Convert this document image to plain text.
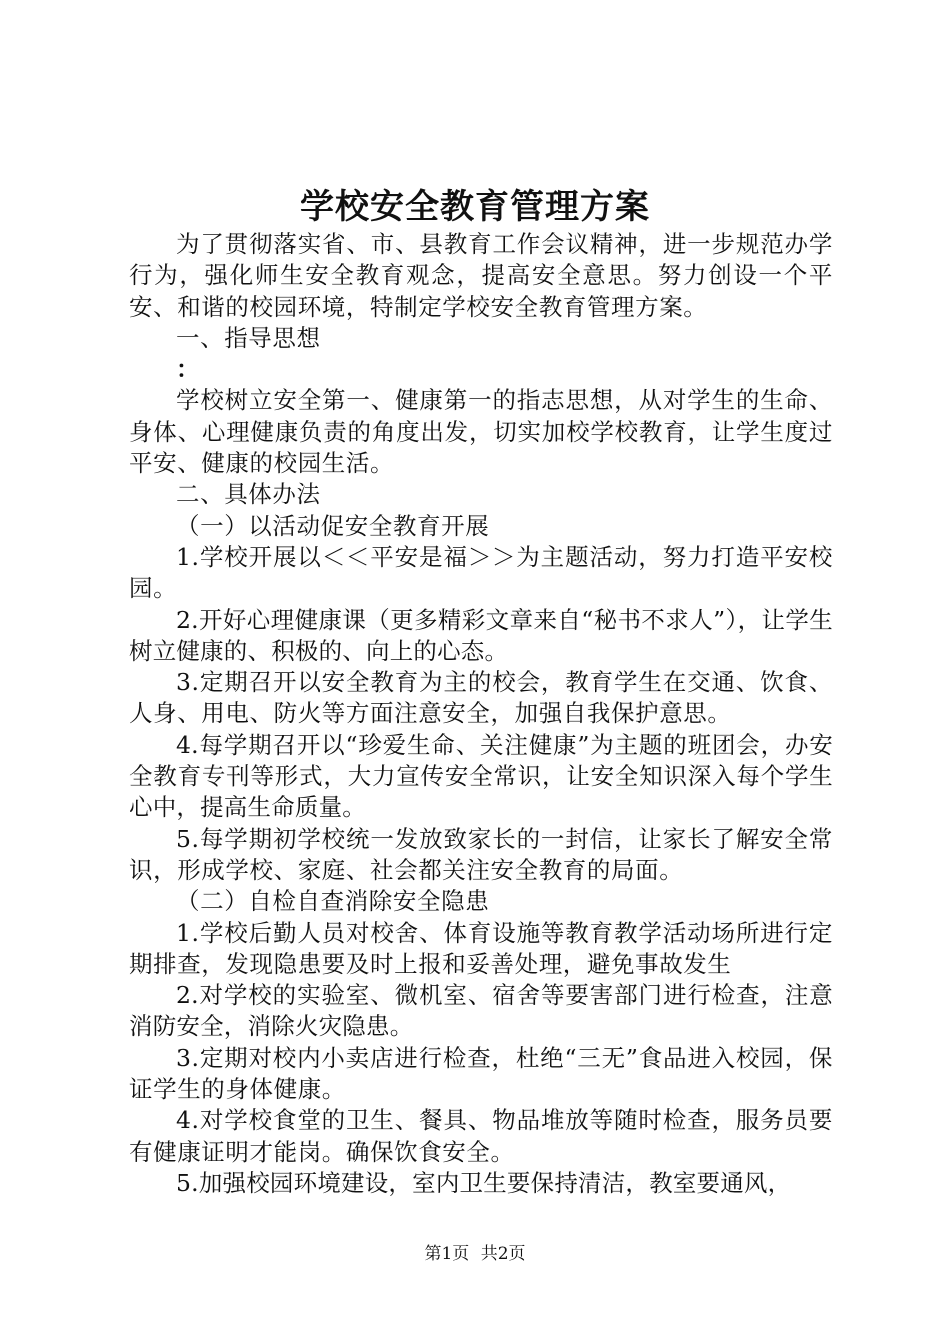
学校安全教育管理方案

为了贯彻落实省、市、县教育工作会议精神，进一步规范办学行为，强化师生安全教育观念，提高安全意思。努力创设一个平安、和谐的校园环境，特制定学校安全教育管理方案。

一、指导思想

：

学校树立安全第一、健康第一的指志思想，从对学生的生命、身体、心理健康负责的角度出发，切实加校学校教育，让学生度过平安、健康的校园生活。

二、具体办法

（一）以活动促安全教育开展

1.学校开展以＜＜平安是福＞＞为主题活动，努力打造平安校园。

2.开好心理健康课（更多精彩文章来自“秘书不求人”），让学生树立健康的、积极的、向上的心态。

3.定期召开以安全教育为主的校会，教育学生在交通、饮食、人身、用电、防火等方面注意安全，加强自我保护意思。

4.每学期召开以“珍爱生命、关注健康”为主题的班团会，办安全教育专刊等形式，大力宣传安全常识，让安全知识深入每个学生心中，提高生命质量。

5.每学期初学校统一发放致家长的一封信，让家长了解安全常识，形成学校、家庭、社会都关注安全教育的局面。

（二）自检自查消除安全隐患

1.学校后勤人员对校舍、体育设施等教育教学活动场所进行定期排查，发现隐患要及时上报和妥善处理，避免事故发生

2.对学校的实验室、微机室、宿舍等要害部门进行检查，注意消防安全，消除火灾隐患。

3.定期对校内小卖店进行检查，杜绝“三无”食品进入校园，保证学生的身体健康。

4.对学校食堂的卫生、餐具、物品堆放等随时检查，服务员要有健康证明才能岗。确保饮食安全。

5.加强校园环境建设，室内卫生要保持清洁，教室要通风，

第1页 共2页
